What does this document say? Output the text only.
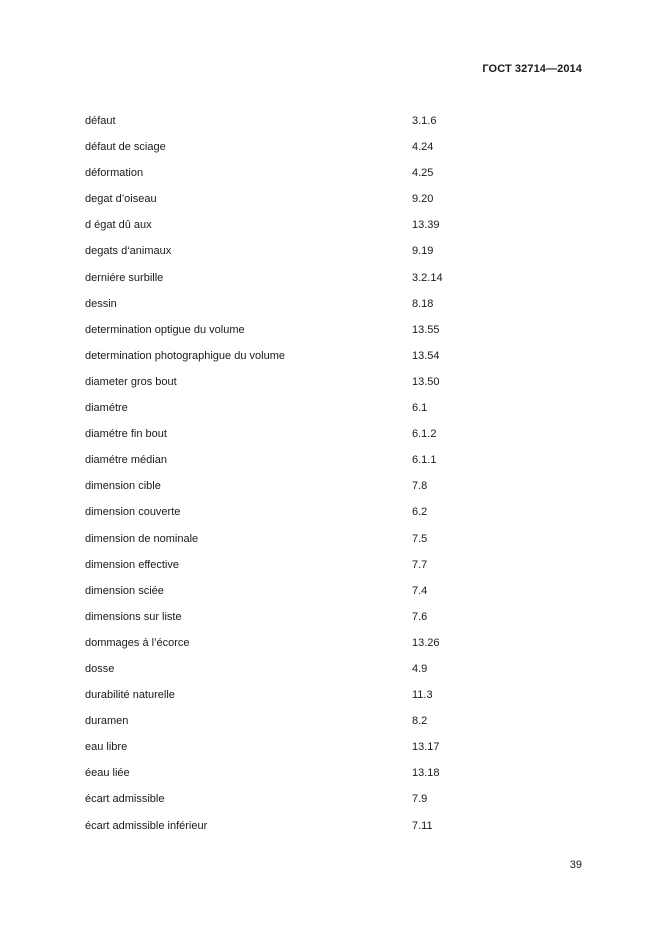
ГОСТ 32714—2014
défaut	3.1.6
défaut de sciage	4.24
déformation	4.25
degat d’oiseau	9.20
d égat dû aux	13.39
degats d‘animaux	9.19
derniére surbille	3.2.14
dessin	8.18
determination optigue du volume	13.55
determination photographigue du volume	13.54
diameter gros bout	13.50
diamétre	6.1
diamétre fin bout	6.1.2
diamétre médian	6.1.1
dimension cible	7.8
dimension couverte	6.2
dimension de nominale	7.5
dimension effective	7.7
dimension sciée	7.4
dimensions sur liste	7.6
dommages á l’écorce	13.26
dosse	4.9
durabilité naturelle	11.3
duramen	8.2
eau libre	13.17
éeau liée	13.18
écart admissible	7.9
écart admissible inférieur	7.11
39
